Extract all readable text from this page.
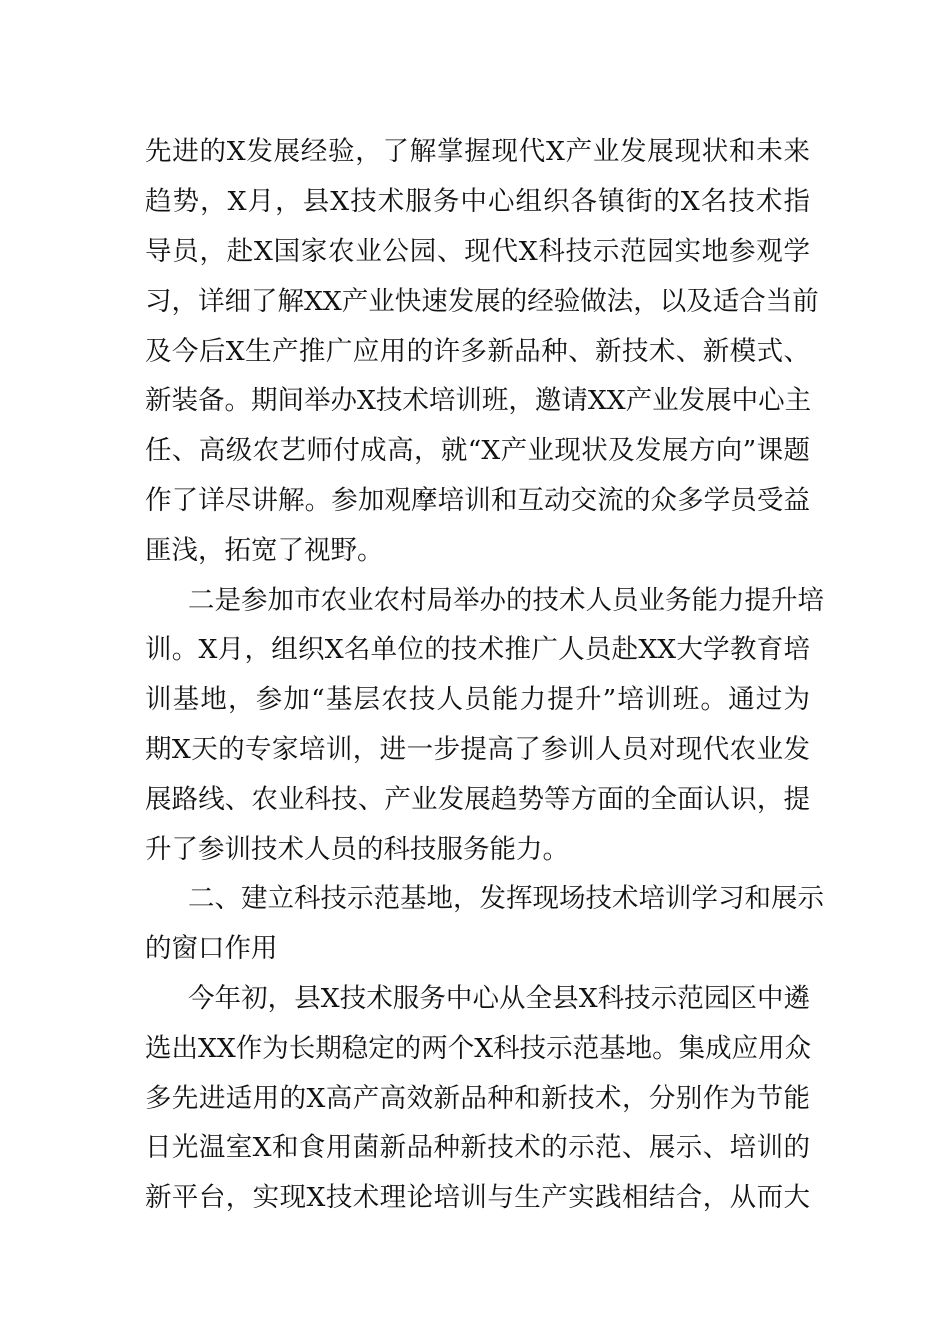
先进的X发展经验，了解掌握现代X产业发展现状和未来

趋势，X月，县X技术服务中心组织各镇街的X名技术指

导员，赴X国家农业公园、现代X科技示范园实地参观学

习，详细了解XX产业快速发展的经验做法，以及适合当前

及今后X生产推广应用的许多新品种、新技术、新模式、

新装备。期间举办X技术培训班，邀请XX产业发展中心主

任、高级农艺师付成高，就“X产业现状及发展方向”课题

作了详尽讲解。参加观摩培训和互动交流的众多学员受益

匪浅，拓宽了视野。

二是参加市农业农村局举办的技术人员业务能力提升培

训。X月，组织X名单位的技术推广人员赴XX大学教育培

训基地，参加“基层农技人员能力提升”培训班。通过为

期X天的专家培训，进一步提高了参训人员对现代农业发

展路线、农业科技、产业发展趋势等方面的全面认识，提

升了参训技术人员的科技服务能力。

二、建立科技示范基地，发挥现场技术培训学习和展示

的窗口作用

今年初，县X技术服务中心从全县X科技示范园区中遴

选出XX作为长期稳定的两个X科技示范基地。集成应用众

多先进适用的X高产高效新品种和新技术，分别作为节能

日光温室X和食用菌新品种新技术的示范、展示、培训的

新平台，实现X技术理论培训与生产实践相结合，从而大
